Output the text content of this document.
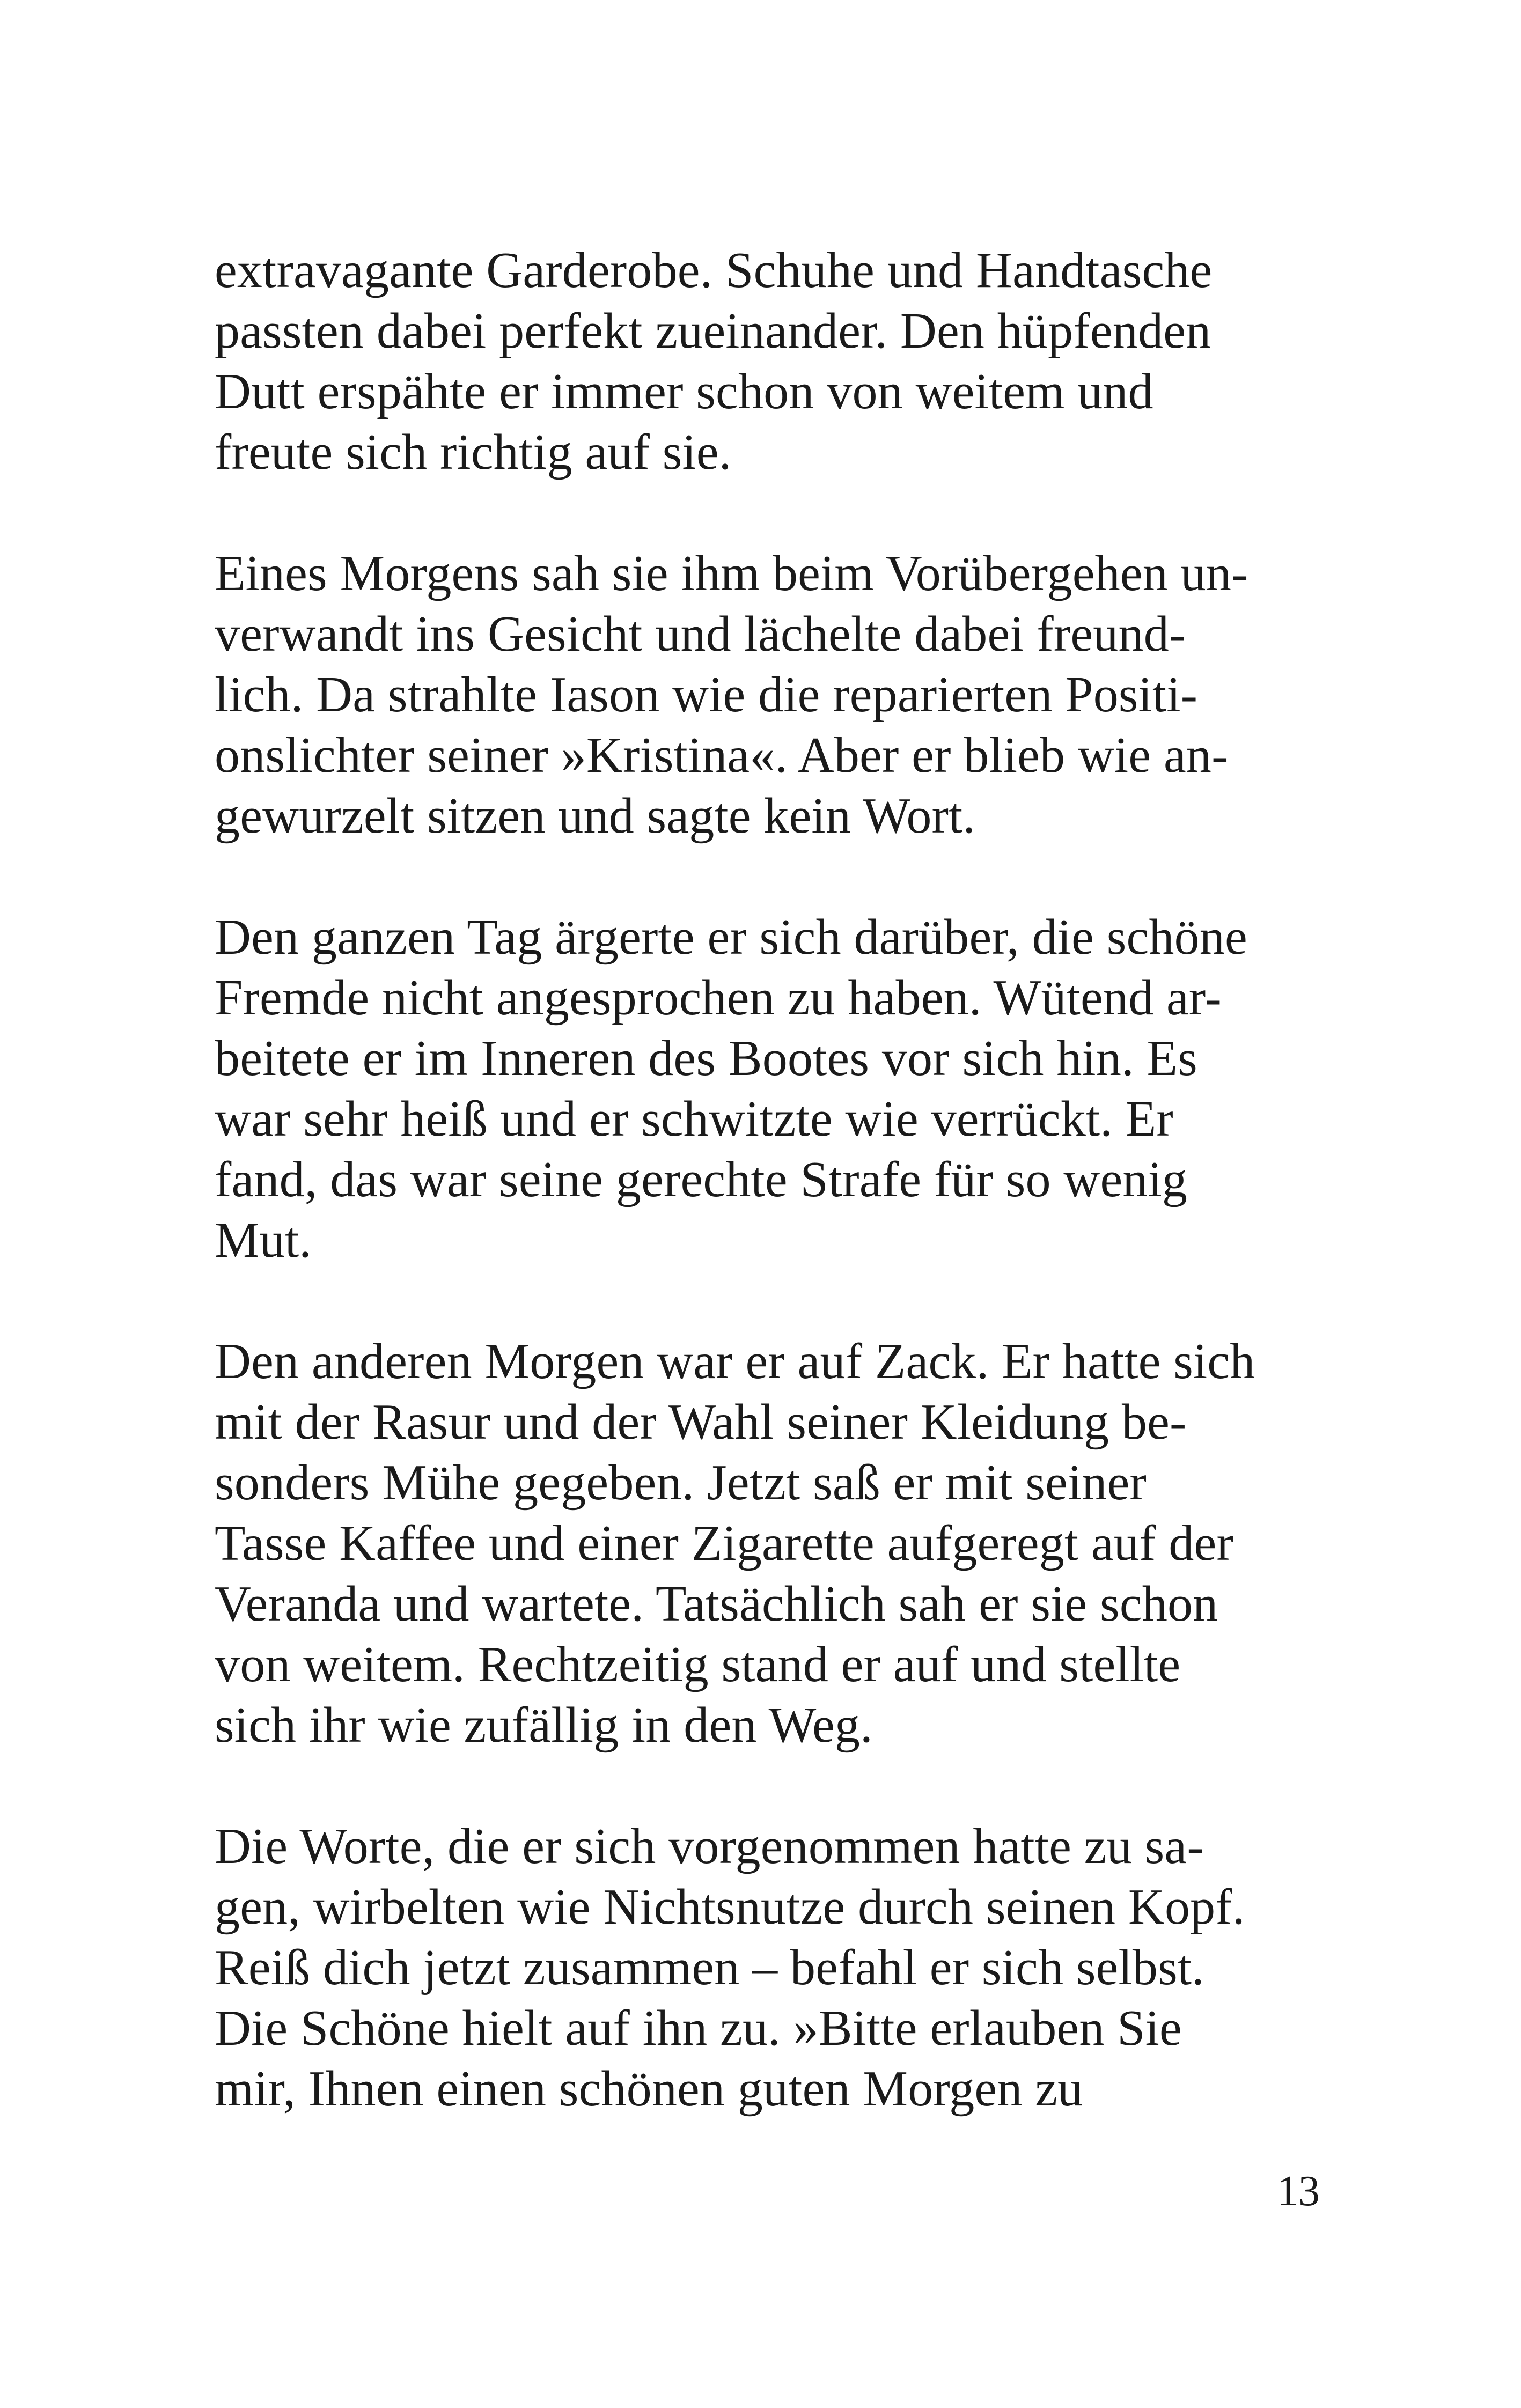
extravagante Garderobe. Schuhe und Handtasche
passten dabei perfekt zueinander. Den hüpfenden
Dutt erspähte er immer schon von weitem und
freute sich richtig auf sie.
Eines Morgens sah sie ihm beim Vorübergehen un-
verwandt ins Gesicht und lächelte dabei freund-
lich. Da strahlte Iason wie die reparierten Positi-
onslichter seiner »Kristina«. Aber er blieb wie an-
gewurzelt sitzen und sagte kein Wort.
Den ganzen Tag ärgerte er sich darüber, die schöne
Fremde nicht angesprochen zu haben. Wütend ar-
beitete er im Inneren des Bootes vor sich hin. Es
war sehr heiß und er schwitzte wie verrückt. Er
fand, das war seine gerechte Strafe für so wenig
Mut.
Den anderen Morgen war er auf Zack. Er hatte sich
mit der Rasur und der Wahl seiner Kleidung be-
sonders Mühe gegeben. Jetzt saß er mit seiner
Tasse Kaffee und einer Zigarette aufgeregt auf der
Veranda und wartete. Tatsächlich sah er sie schon
von weitem. Rechtzeitig stand er auf und stellte
sich ihr wie zufällig in den Weg.
Die Worte, die er sich vorgenommen hatte zu sa-
gen, wirbelten wie Nichtsnutze durch seinen Kopf.
Reiß dich jetzt zusammen – befahl er sich selbst.
Die Schöne hielt auf ihn zu. »Bitte erlauben Sie
mir, Ihnen einen schönen guten Morgen zu
13
